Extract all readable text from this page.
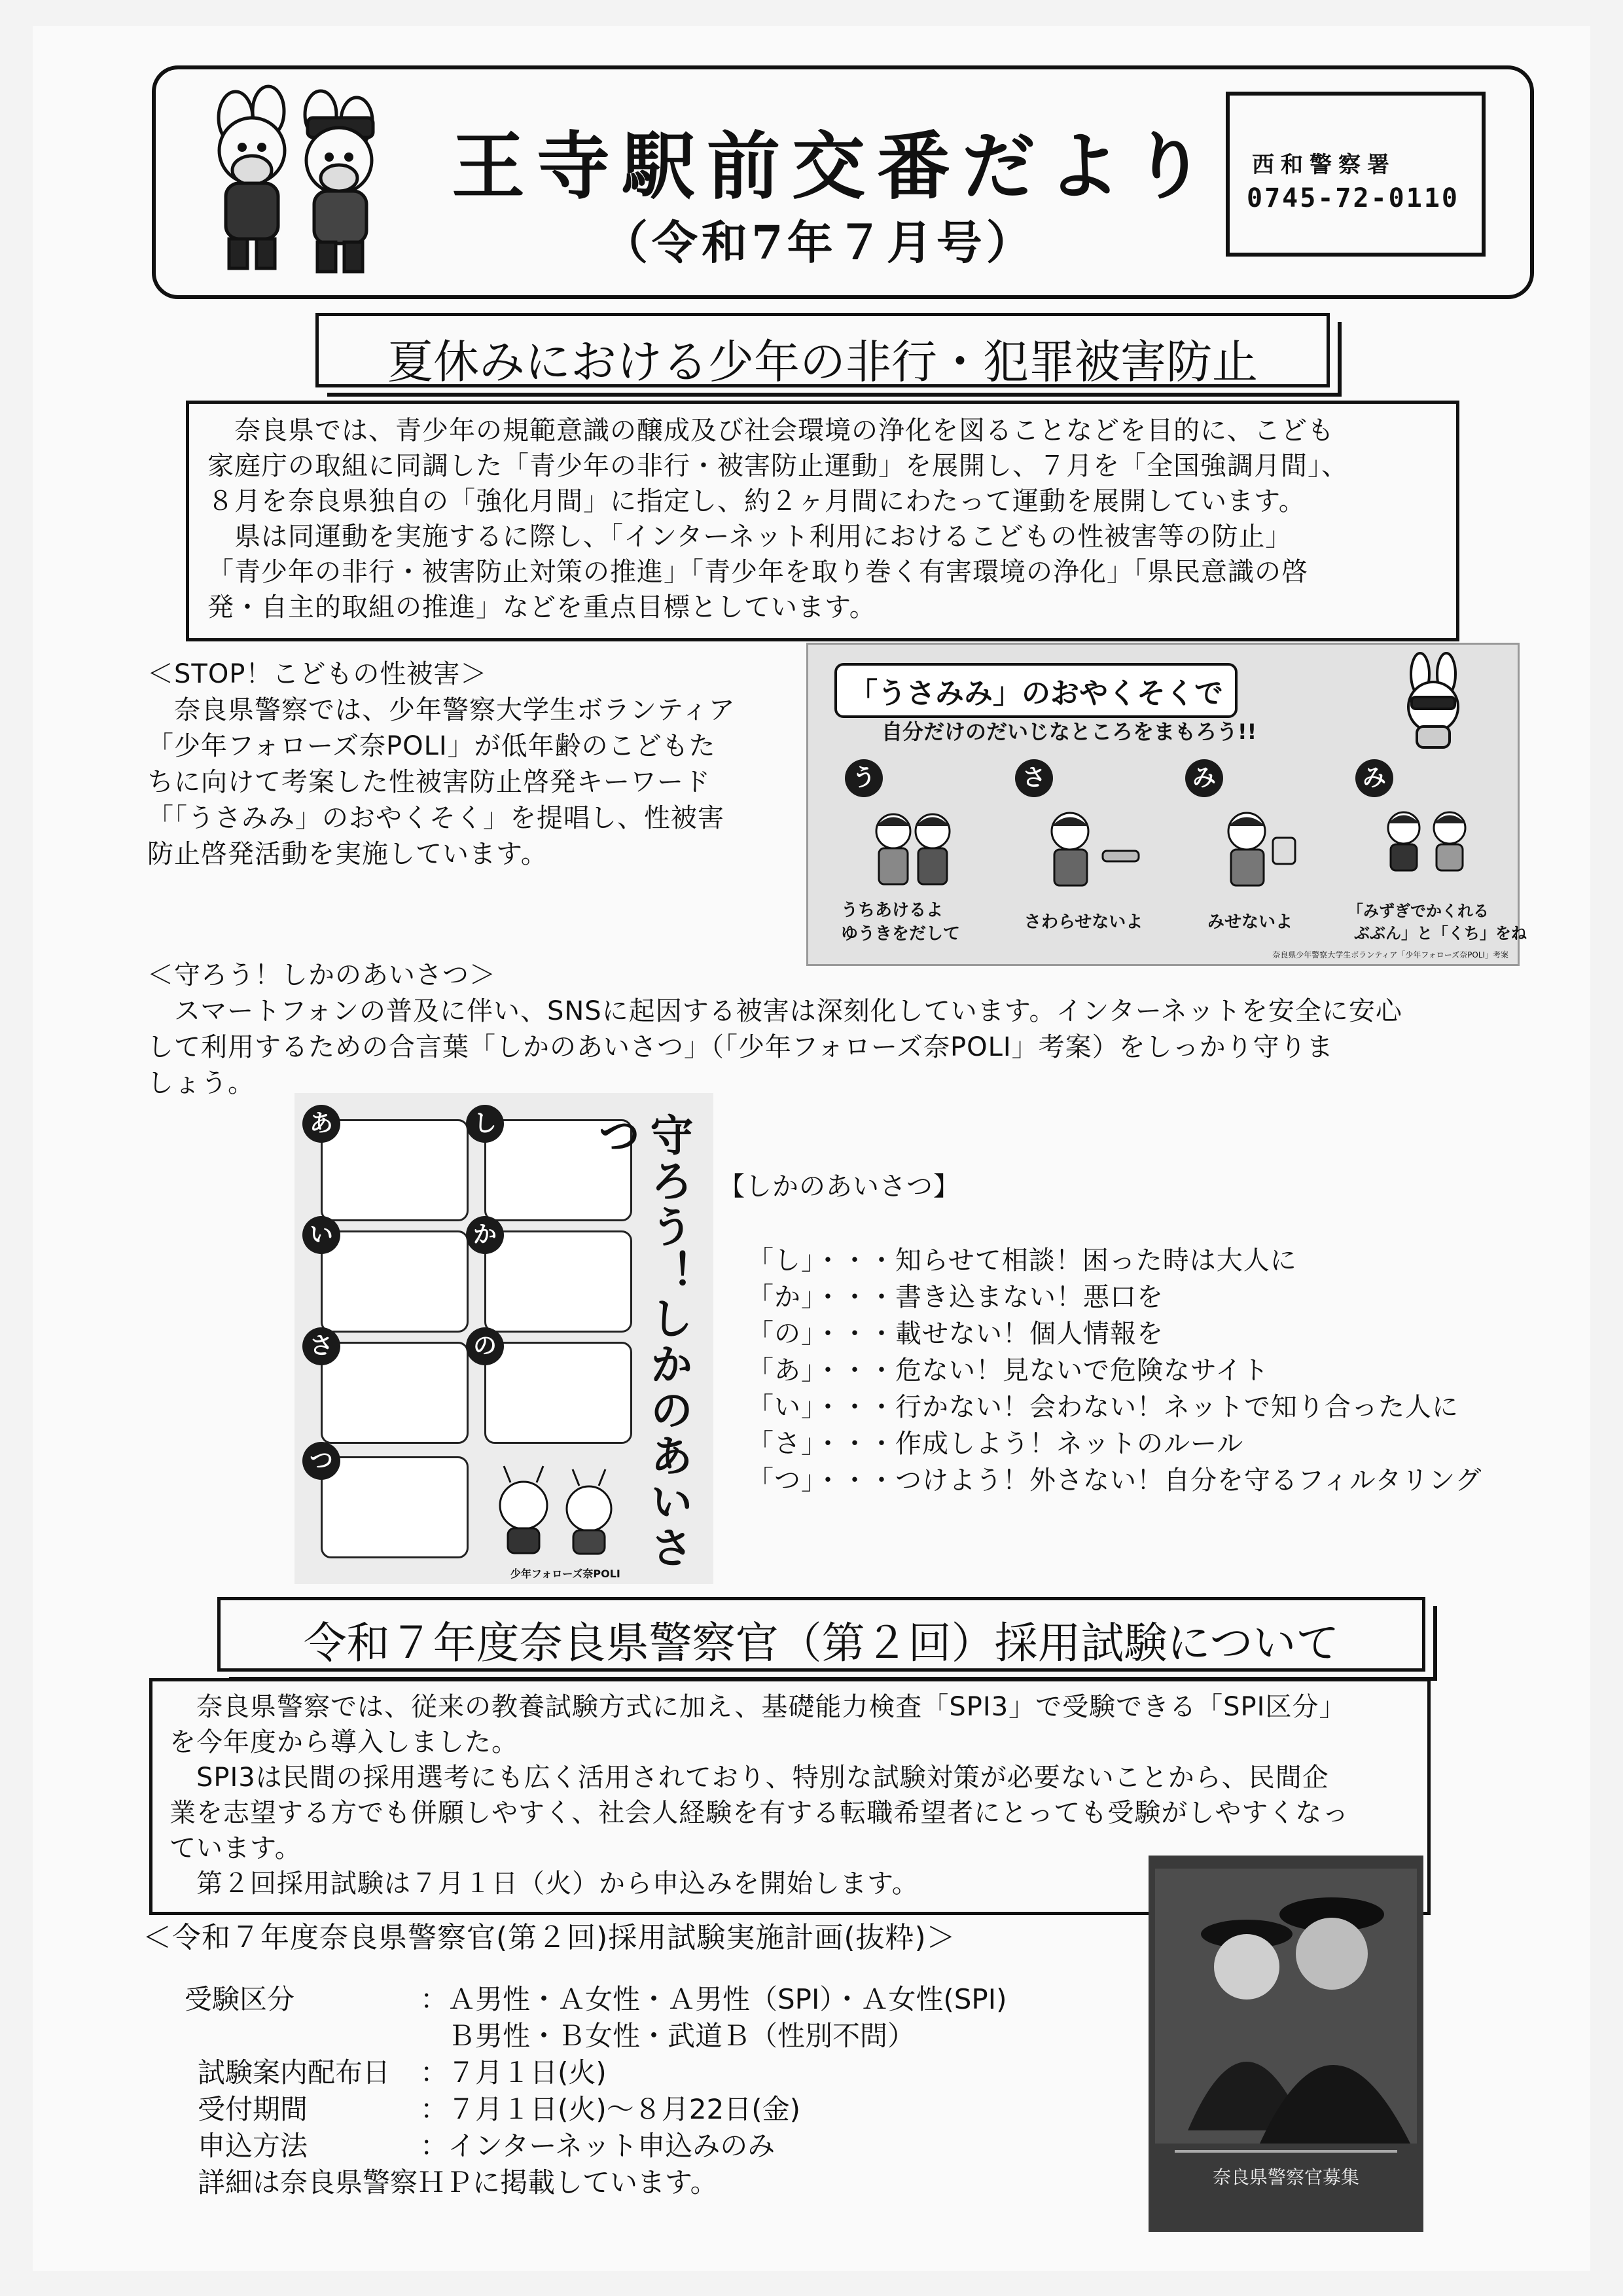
王寺駅前交番だより
（令和7年７月号）
西和警察署
0745-72-0110
夏休みにおける少年の非行・犯罪被害防止
　奈良県では、青少年の規範意識の醸成及び社会環境の浄化を図ることなどを目的に、こども
家庭庁の取組に同調した「青少年の非行・被害防止運動」を展開し、７月を「全国強調月間」、
８月を奈良県独自の「強化月間」に指定し、約２ヶ月間にわたって運動を展開しています。
　県は同運動を実施するに際し、「インターネット利用におけるこどもの性被害等の防止」
「青少年の非行・被害防止対策の推進」「青少年を取り巻く有害環境の浄化」「県民意識の啓
発・自主的取組の推進」などを重点目標としています。
＜STOP！こどもの性被害＞
　奈良県警察では、少年警察大学生ボランティア
「少年フォローズ奈POLI」が低年齢のこどもた
ちに向けて考案した性被害防止啓発キーワード
「「うさみみ」のおやくそく」を提唱し、性被害
防止啓発活動を実施しています。
「うさみみ」のおやくそくで
自分だけのだいじなところをまもろう!!
う
うちあけるよ
ゆうきをだして
さ
さわらせないよ
み
みせないよ
み
「みずぎでかくれる
ぶぶん」と「くち」をね
奈良県少年警察大学生ボランティア「少年フォローズ奈POLI」考案
＜守ろう！しかのあいさつ＞
　スマートフォンの普及に伴い、SNSに起因する被害は深刻化しています。インターネットを安全に安心
して利用するための合言葉「しかのあいさつ」（「少年フォローズ奈POLI」考案）をしっかり守りま
しょう。
あ	し
い	か
さ	の
つ	守ろう！しかのあいさつ
少年フォローズ奈POLI
【しかのあいさつ】
「し」・・・知らせて相談！困った時は大人に
「か」・・・書き込まない！悪口を
「の」・・・載せない！個人情報を
「あ」・・・危ない！見ないで危険なサイト
「い」・・・行かない！会わない！ネットで知り合った人に
「さ」・・・作成しよう！ネットのルール
「つ」・・・つけよう！外さない！自分を守るフィルタリング
令和７年度奈良県警察官（第２回）採用試験について
　奈良県警察では、従来の教養試験方式に加え、基礎能力検査「SPI3」で受験できる「SPI区分」
を今年度から導入しました。
　SPI3は民間の採用選考にも広く活用されており、特別な試験対策が必要ないことから、民間企
業を志望する方でも併願しやすく、社会人経験を有する転職希望者にとっても受験がしやすくなっ
ています。
　第２回採用試験は７月１日（火）から申込みを開始します。
＜令和７年度奈良県警察官(第２回)採用試験実施計画(抜粋)＞
受験区分	：Ａ男性・Ａ女性・Ａ男性（SPI）・Ａ女性(SPI)
　Ｂ男性・Ｂ女性・武道Ｂ（性別不問）
試験案内配布日 ：７月１日(火)
受付期間	：７月１日(火)～８月22日(金)
申込方法	：インターネット申込みのみ
詳細は奈良県警察ＨＰに掲載しています。	奈良県警察官募集
